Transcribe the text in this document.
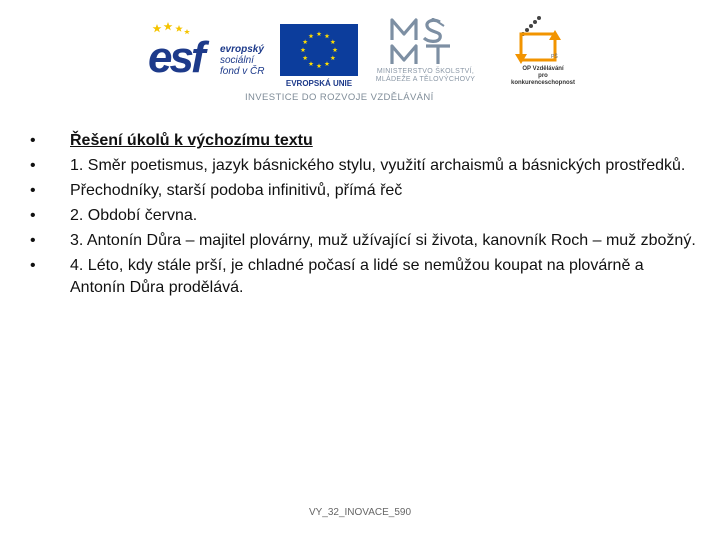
esf evropský
sociální
fond v ČR
EVROPSKÁ UNIE
MINISTERSTVO ŠKOLSTVÍ,
MLÁDEŽE A TĚLOVÝCHOVY
PŠ
OP Vzdělávání
pro konkurenceschopnost
INVESTICE DO ROZVOJE VZDĚLÁVÁNÍ
• Řešení úkolů k výchozímu textu
• 1. Směr poetismus, jazyk básnického stylu, využití archaismů a básnických prostředků.
• Přechodníky, starší podoba infinitivů, přímá řeč
• 2. Období června.
• 3. Antonín Důra – majitel plovárny, muž užívající si života, kanovník Roch – muž zbožný.
• 4. Léto, kdy stále prší, je chladné počasí a lidé se nemůžou koupat na plovárně a Antonín Důra prodělává.
VY_32_INOVACE_590
